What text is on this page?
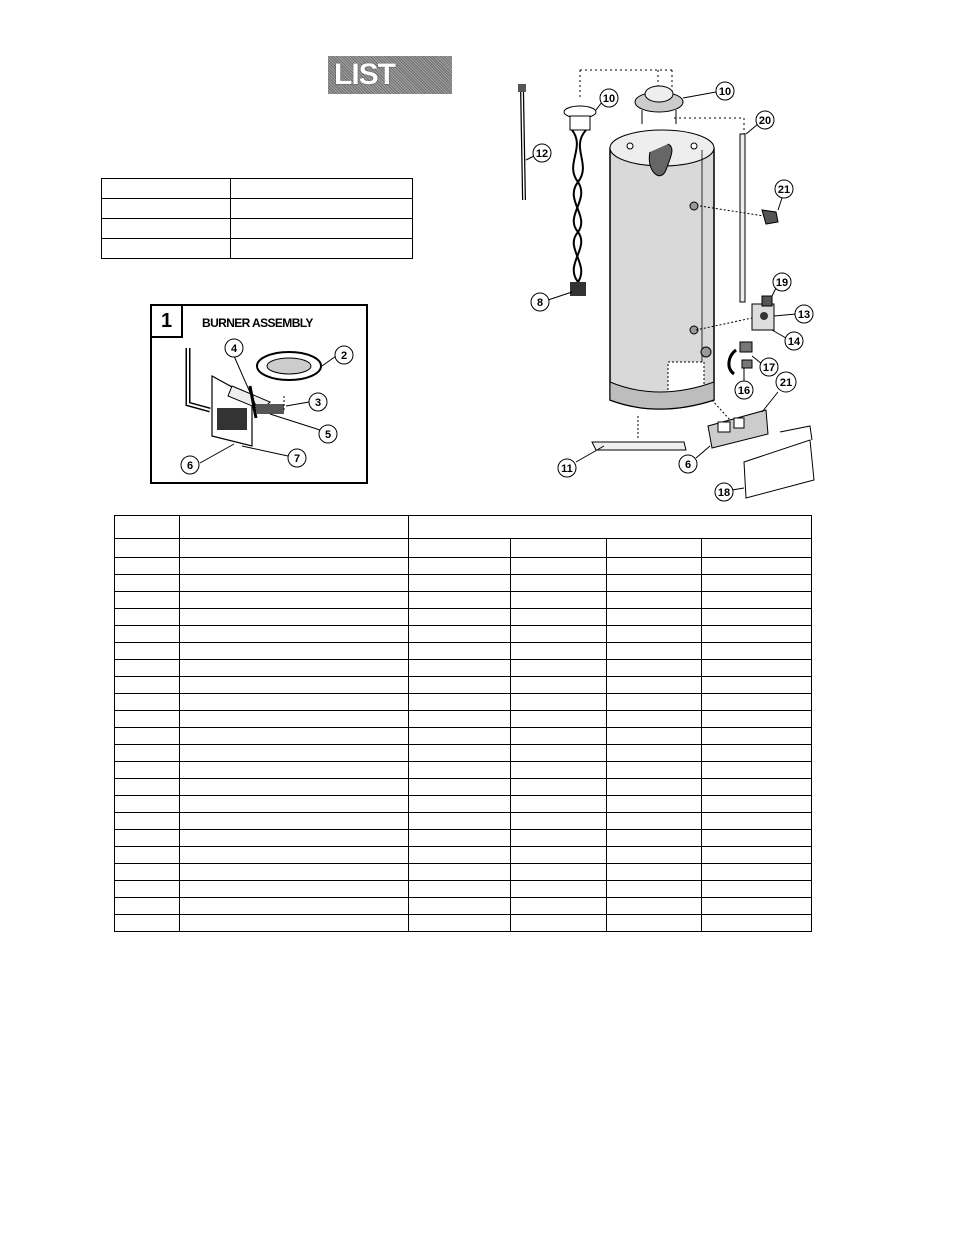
LIST

1	BURNER ASSEMBLY
2
3
4
5
6
7
10
10
12
20
21
8
19
13
14
17
16
21
11	6
18
